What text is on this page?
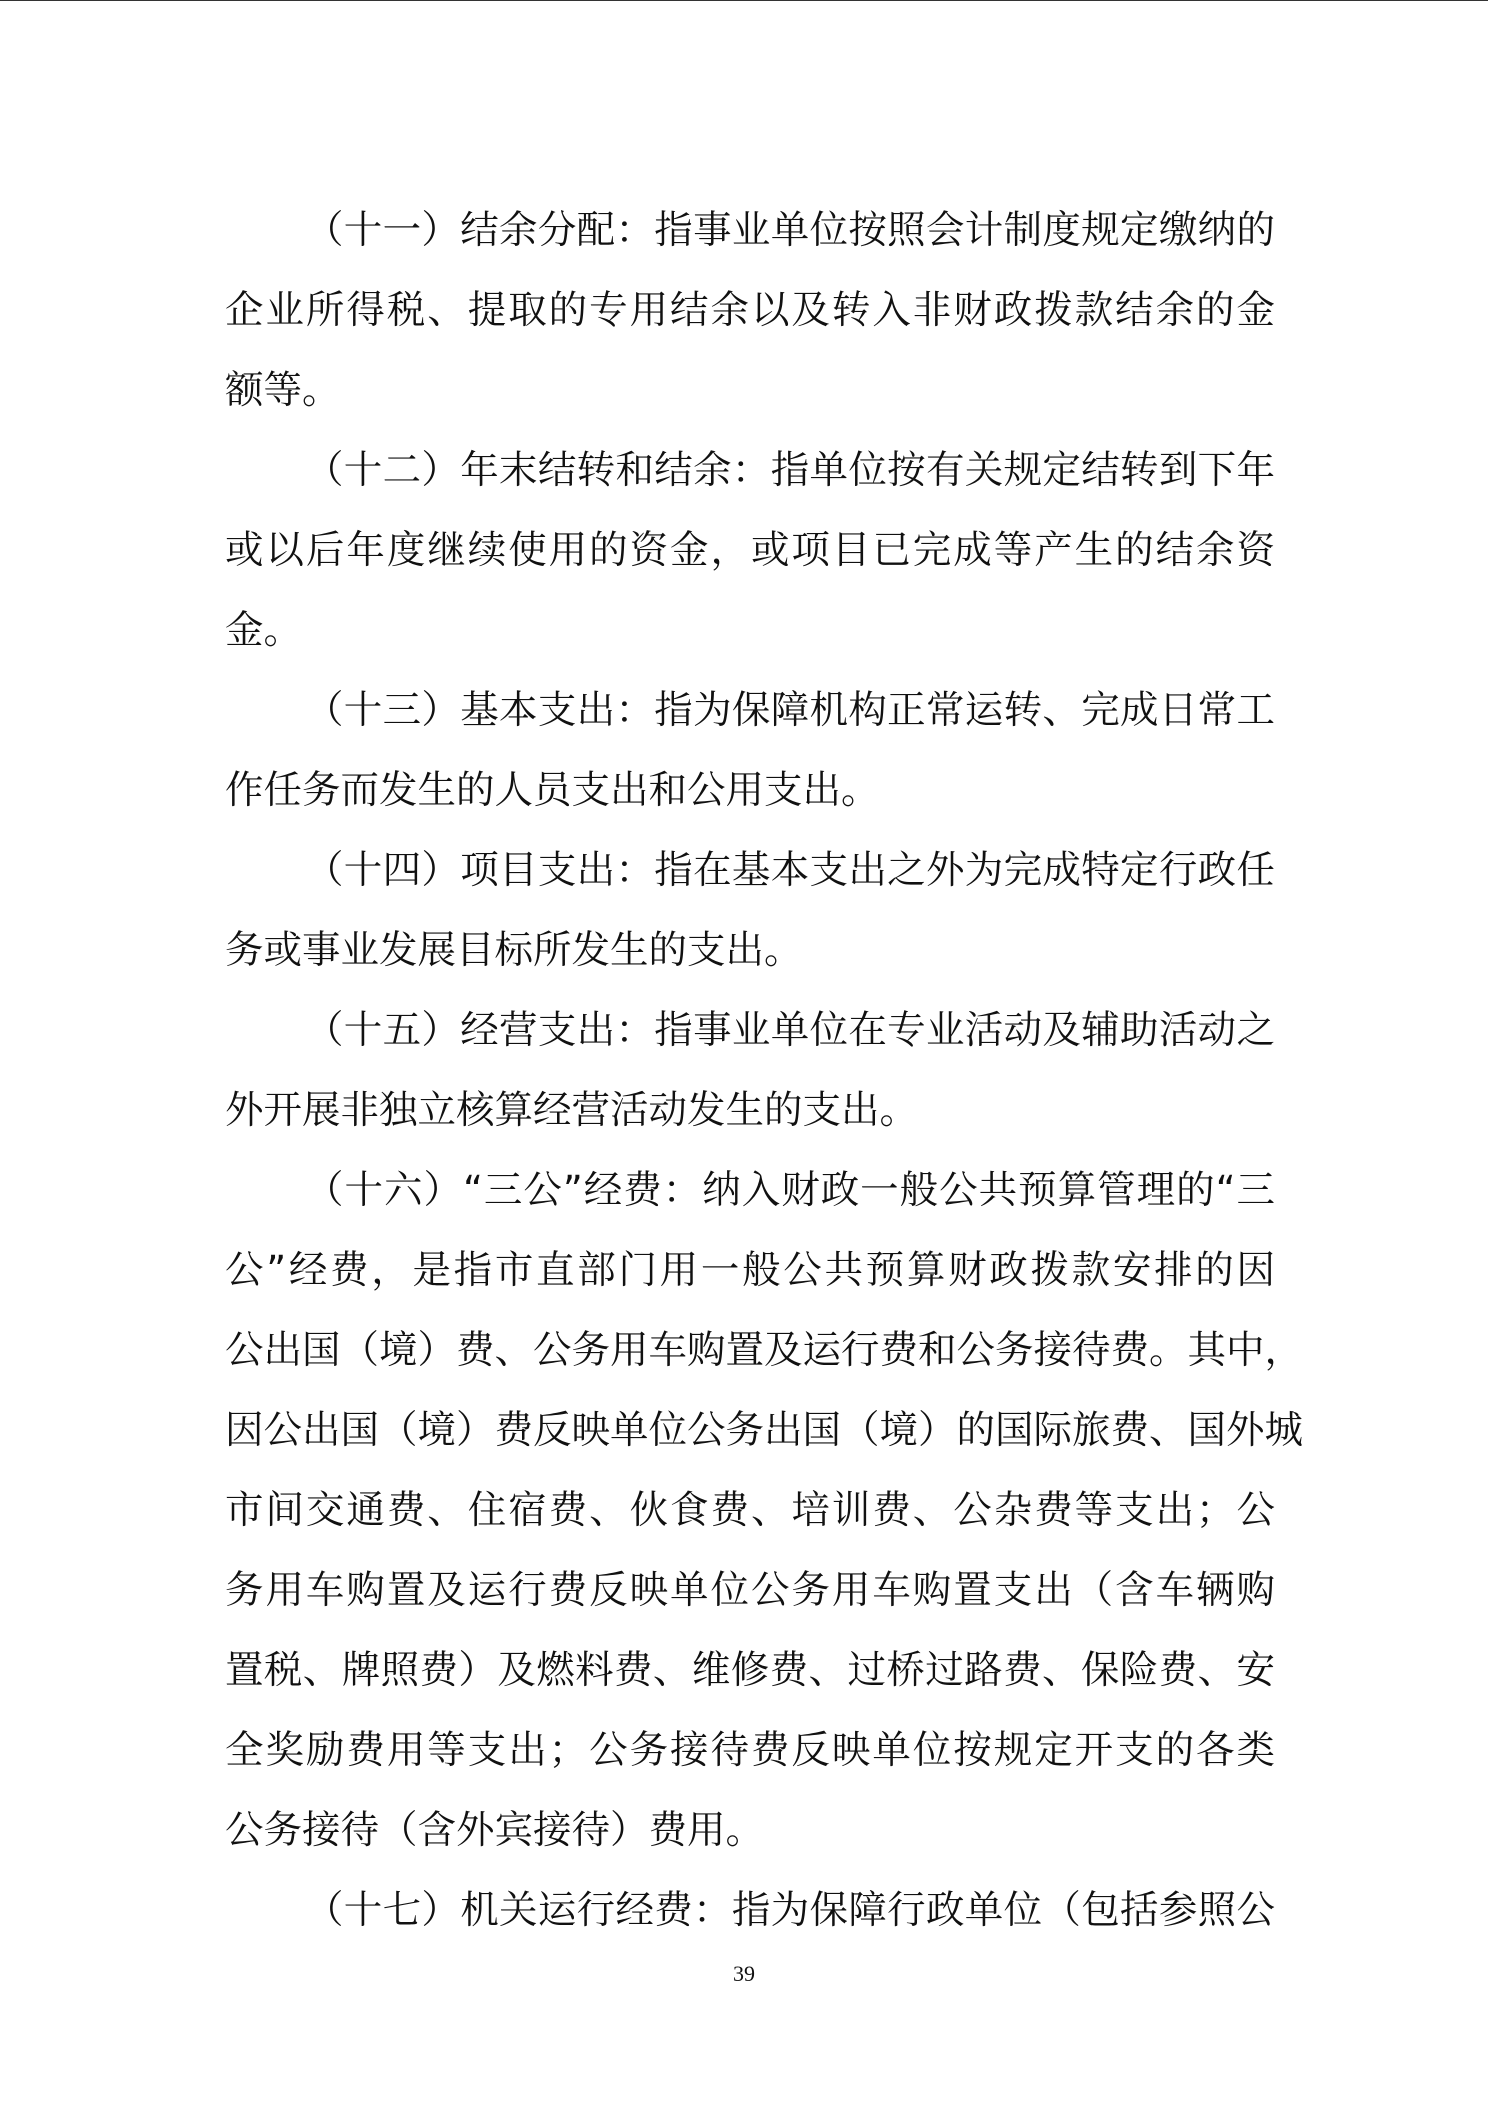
（十一）结余分配：指事业单位按照会计制度规定缴纳的
企业所得税、提取的专用结余以及转入非财政拨款结余的金
额等。
（十二）年末结转和结余：指单位按有关规定结转到下年
或以后年度继续使用的资金，或项目已完成等产生的结余资
金。
（十三）基本支出：指为保障机构正常运转、完成日常工
作任务而发生的人员支出和公用支出。
（十四）项目支出：指在基本支出之外为完成特定行政任
务或事业发展目标所发生的支出。
（十五）经营支出：指事业单位在专业活动及辅助活动之
外开展非独立核算经营活动发生的支出。
（十六）“三公”经费：纳入财政一般公共预算管理的“三
公”经费，是指市直部门用一般公共预算财政拨款安排的因
公出国（境）费、公务用车购置及运行费和公务接待费。其中，
因公出国（境）费反映单位公务出国（境）的国际旅费、国外城
市间交通费、住宿费、伙食费、培训费、公杂费等支出；公
务用车购置及运行费反映单位公务用车购置支出（含车辆购
置税、牌照费）及燃料费、维修费、过桥过路费、保险费、安
全奖励费用等支出；公务接待费反映单位按规定开支的各类
公务接待（含外宾接待）费用。
（十七）机关运行经费：指为保障行政单位（包括参照公
39
